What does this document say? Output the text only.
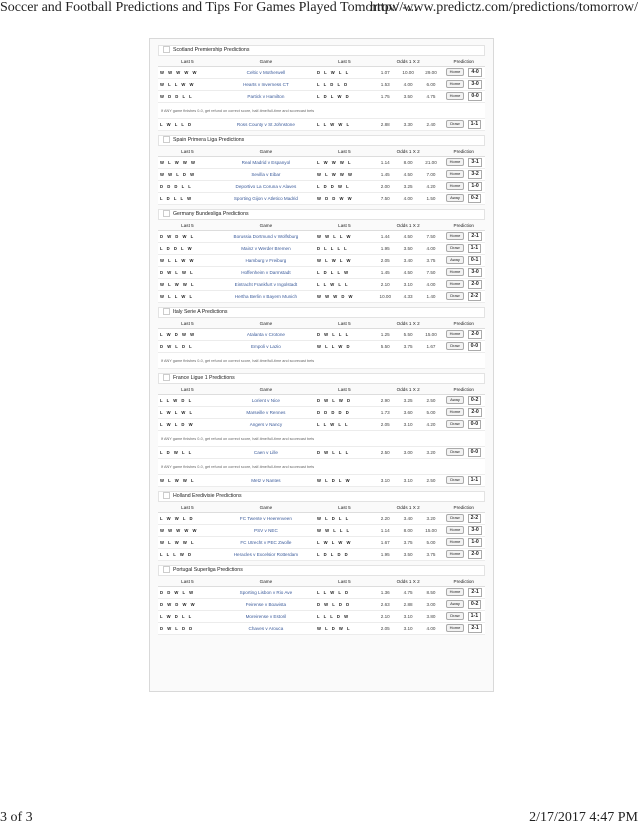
Soccer and Football Predictions and Tips For Games Played Tomorrow -...
http://www.predictz.com/predictions/tomorrow/
Scotland Premiership Predictions
Last 5	Game	Last 5	Odds 1 X 2			Prediction
W W W W W	Celtic v Motherwell	D L W L L	1.07	10.00	29.00	Home 4-0
W L L W W	Hearts v Inverness CT	L L D L D	1.53	4.00	6.00	Home 3-0
W D D L L	Partick v Hamilton	L D L W D	1.75	3.50	4.75	Home 0-0
If ANY game finishes 0-0, get refund on correct score, half-time/full-time and scorecast bets						
L W L L D	Ross County v St Johnstone	L L W W L	2.88	3.30	2.40	Draw 1-1
Spain Primera Liga Predictions
Last 5	Game	Last 5	Odds 1 X 2			Prediction
W L W W W	Real Madrid v Espanyol	L W W W L	1.14	8.00	21.00	Home 3-1
W W L D W	Sevilla v Eibar	W L W W W	1.45	4.50	7.00	Home 3-2
D D D L L	Deportivo La Coruna v Alaves	L D D W L	2.00	3.25	4.20	Home 1-0
L D L L W	Sporting Gijon v Atletico Madrid	W D D W W	7.50	4.00	1.50	Away 0-2
Germany Bundesliga Predictions
Last 5	Game	Last 5	Odds 1 X 2			Prediction
D W D W L	Borussia Dortmund v Wolfsburg	W W L L W	1.44	4.50	7.50	Home 2-1
L D D L W	Mainz v Werder Bremen	D L L L L	1.95	3.50	4.00	Draw 1-1
W L L W W	Hamburg v Freiburg	W L W L W	2.05	3.40	3.75	Away 0-1
D W L W L	Hoffenheim v Darmstadt	L D L L W	1.45	4.50	7.50	Home 3-0
W L W W L	Eintracht Frankfurt v Ingolstadt	L L W L L	2.10	3.10	4.00	Home 2-0
W L L W L	Hertha Berlin v Bayern Munich	W W W D W	10.00	4.33	1.40	Draw 2-2
Italy Serie A Predictions
Last 5	Game	Last 5	Odds 1 X 2			Prediction
L W D W W	Atalanta v Crotone	D W L L L	1.25	5.50	15.00	Home 2-0
D W L D L	Empoli v Lazio	W L L W D	5.50	3.75	1.67	Draw 0-0
If ANY game finishes 0-0, get refund on correct score, half-time/full-time and scorecast bets						
France Ligue 1 Predictions
Last 5	Game	Last 5	Odds 1 X 2			Prediction
L L W D L	Lorient v Nice	D W L W D	2.90	3.25	2.50	Away 0-2
L W L W L	Marseille v Rennes	D D D D D	1.73	3.60	5.00	Home 2-0
L W L D W	Angers v Nancy	L L W L L	2.05	3.10	4.20	Draw 0-0
If ANY game finishes 0-0, get refund on correct score, half-time/full-time and scorecast bets						
L D W L L	Caen v Lille	D W L L L	2.50	3.00	3.20	Draw 0-0
If ANY game finishes 0-0, get refund on correct score, half-time/full-time and scorecast bets						
W L W W L	Metz v Nantes	W L D L W	3.10	3.10	2.50	Draw 1-1
Holland Eredivisie Predictions
Last 5	Game	Last 5	Odds 1 X 2			Prediction
L W W L D	FC Twente v Heerenveen	W L D L L	2.20	3.40	3.20	Draw 2-2
W W W W W	PSV v NEC	W W L L L	1.14	8.00	15.00	Home 3-0
W L W W L	FC Utrecht v PEC Zwolle	L W L W W	1.67	3.75	5.00	Home 1-0
L L L W D	Heracles v Excelsior Rotterdam	L D L D D	1.95	3.50	3.75	Home 2-0
Portugal Superliga Predictions
Last 5	Game	Last 5	Odds 1 X 2			Prediction
D D W L W	Sporting Lisbon v Rio Ave	L L W L D	1.36	4.75	8.50	Home 2-1
D W D W W	Feirense v Boavista	D W L D D	2.63	2.88	3.00	Away 0-2
L W D L L	Moreirense v Estoril	L L L D W	2.10	3.10	3.80	Draw 1-1
D W L D D	Chaves v Arouca	W L D W L	2.05	3.10	4.00	Home 2-1
3 of 3	2/17/2017 4:47 PM
